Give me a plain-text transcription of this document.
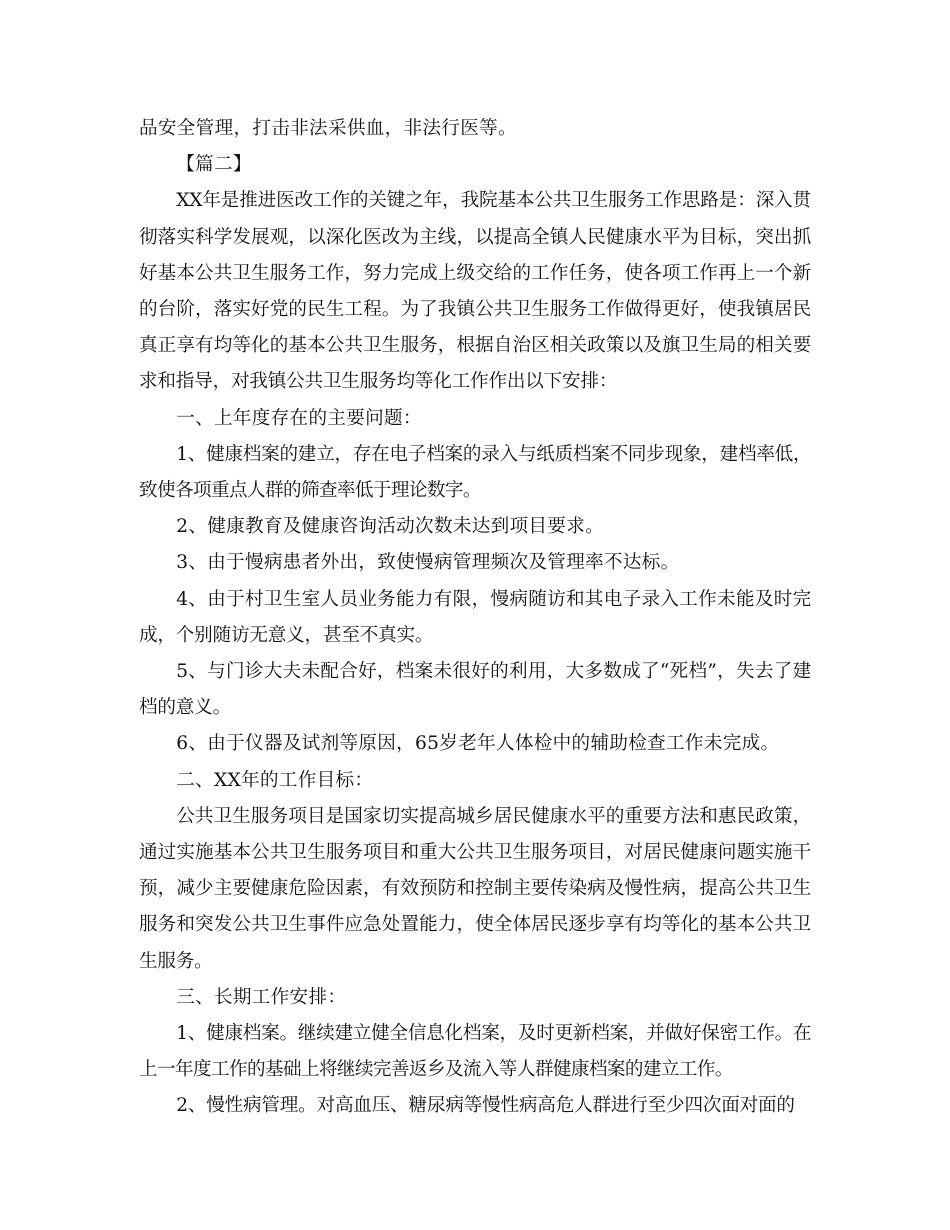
品安全管理，打击非法采供血，非法行医等。

【篇二】

XX年是推进医改工作的关键之年，我院基本公共卫生服务工作思路是：深入贯彻落实科学发展观，以深化医改为主线，以提高全镇人民健康水平为目标，突出抓好基本公共卫生服务工作，努力完成上级交给的工作任务，使各项工作再上一个新的台阶，落实好党的民生工程。为了我镇公共卫生服务工作做得更好，使我镇居民真正享有均等化的基本公共卫生服务，根据自治区相关政策以及旗卫生局的相关要求和指导，对我镇公共卫生服务均等化工作作出以下安排：

一、上年度存在的主要问题：

1、健康档案的建立，存在电子档案的录入与纸质档案不同步现象，建档率低，致使各项重点人群的筛查率低于理论数字。

2、健康教育及健康咨询活动次数未达到项目要求。

3、由于慢病患者外出，致使慢病管理频次及管理率不达标。

4、由于村卫生室人员业务能力有限，慢病随访和其电子录入工作未能及时完成，个别随访无意义，甚至不真实。

5、与门诊大夫未配合好，档案未很好的利用，大多数成了“死档”，失去了建档的意义。

6、由于仪器及试剂等原因，65岁老年人体检中的辅助检查工作未完成。

二、XX年的工作目标：

公共卫生服务项目是国家切实提高城乡居民健康水平的重要方法和惠民政策，通过实施基本公共卫生服务项目和重大公共卫生服务项目，对居民健康问题实施干预，减少主要健康危险因素，有效预防和控制主要传染病及慢性病，提高公共卫生服务和突发公共卫生事件应急处置能力，使全体居民逐步享有均等化的基本公共卫生服务。

三、长期工作安排：

1、健康档案。继续建立健全信息化档案，及时更新档案，并做好保密工作。在上一年度工作的基础上将继续完善返乡及流入等人群健康档案的建立工作。

2、慢性病管理。对高血压、糖尿病等慢性病高危人群进行至少四次面对面的
